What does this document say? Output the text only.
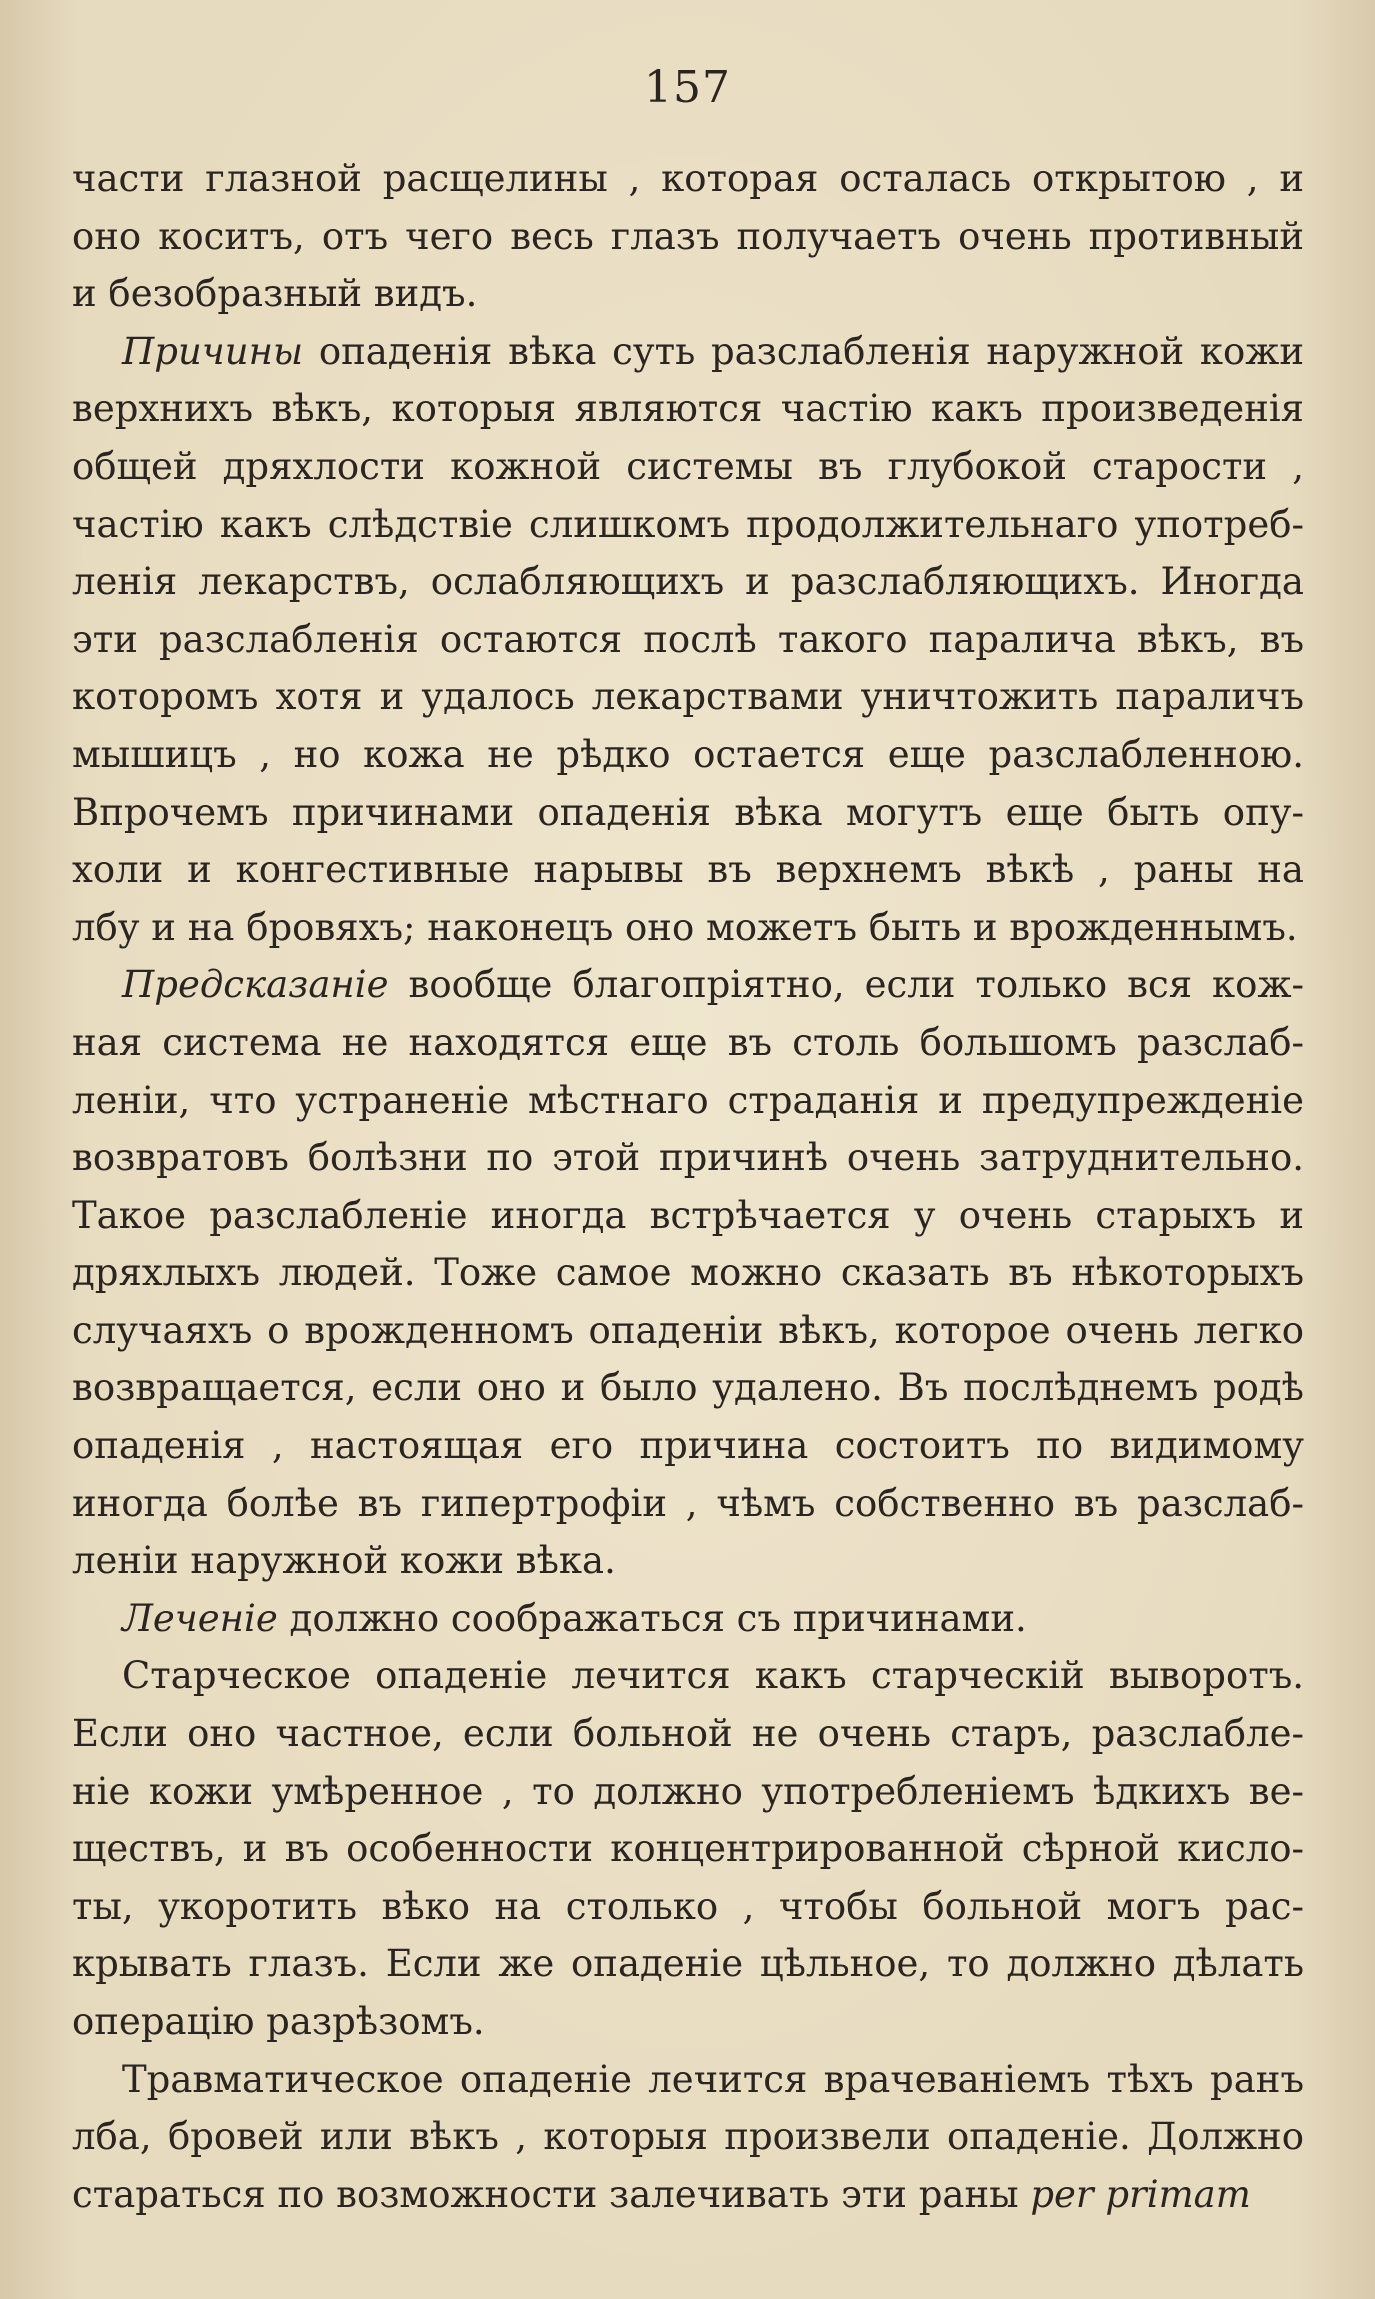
157
части глазной расщелины , которая осталась открытою , и
оно коситъ, отъ чего весь глазъ получаетъ очень противный
и безобразный видъ.
Причины опаденія вѣка суть разслабленія наружной кожи
верхнихъ вѣкъ, которыя являются частію какъ произведенія
общей дряхлости кожной системы въ глубокой старости ,
частію какъ слѣдствіе слишкомъ продолжительнаго употреб-
ленія лекарствъ, ослабляющихъ и разслабляющихъ. Иногда
эти разслабленія остаются послѣ такого паралича вѣкъ, въ
которомъ хотя и удалось лекарствами уничтожить параличъ
мышицъ , но кожа не рѣдко остается еще разслабленною.
Впрочемъ причинами опаденія вѣка могутъ еще быть опу-
холи и конгестивные нарывы въ верхнемъ вѣкѣ , раны на
лбу и на бровяхъ; наконецъ оно можетъ быть и врожденнымъ.
Предсказаніе вообще благопріятно, если только вся кож-
ная система не находятся еще въ столь большомъ разслаб-
леніи, что устраненіе мѣстнаго страданія и предупрежденіе
возвратовъ болѣзни по этой причинѣ очень затруднительно.
Такое разслабленіе иногда встрѣчается у очень старыхъ и
дряхлыхъ людей. Тоже самое можно сказать въ нѣкоторыхъ
случаяхъ о врожденномъ опаденіи вѣкъ, которое очень легко
возвращается, если оно и было удалено. Въ послѣднемъ родѣ
опаденія , настоящая его причина состоитъ по видимому
иногда болѣе въ гипертрофіи , чѣмъ собственно въ разслаб-
леніи наружной кожи вѣка.
Леченіе должно соображаться съ причинами.
Старческое опаденіе лечится какъ старческій выворотъ.
Если оно частное, если больной не очень старъ, разслабле-
ніе кожи умѣренное , то должно употребленіемъ ѣдкихъ ве-
ществъ, и въ особенности концентрированной сѣрной кисло-
ты, укоротить вѣко на столько , чтобы больной могъ рас-
крывать глазъ. Если же опаденіе цѣльное, то должно дѣлать
операцію разрѣзомъ.
Травматическое опаденіе лечится врачеваніемъ тѣхъ ранъ
лба, бровей или вѣкъ , которыя произвели опаденіе. Должно
стараться по возможности залечивать эти раны per primam
